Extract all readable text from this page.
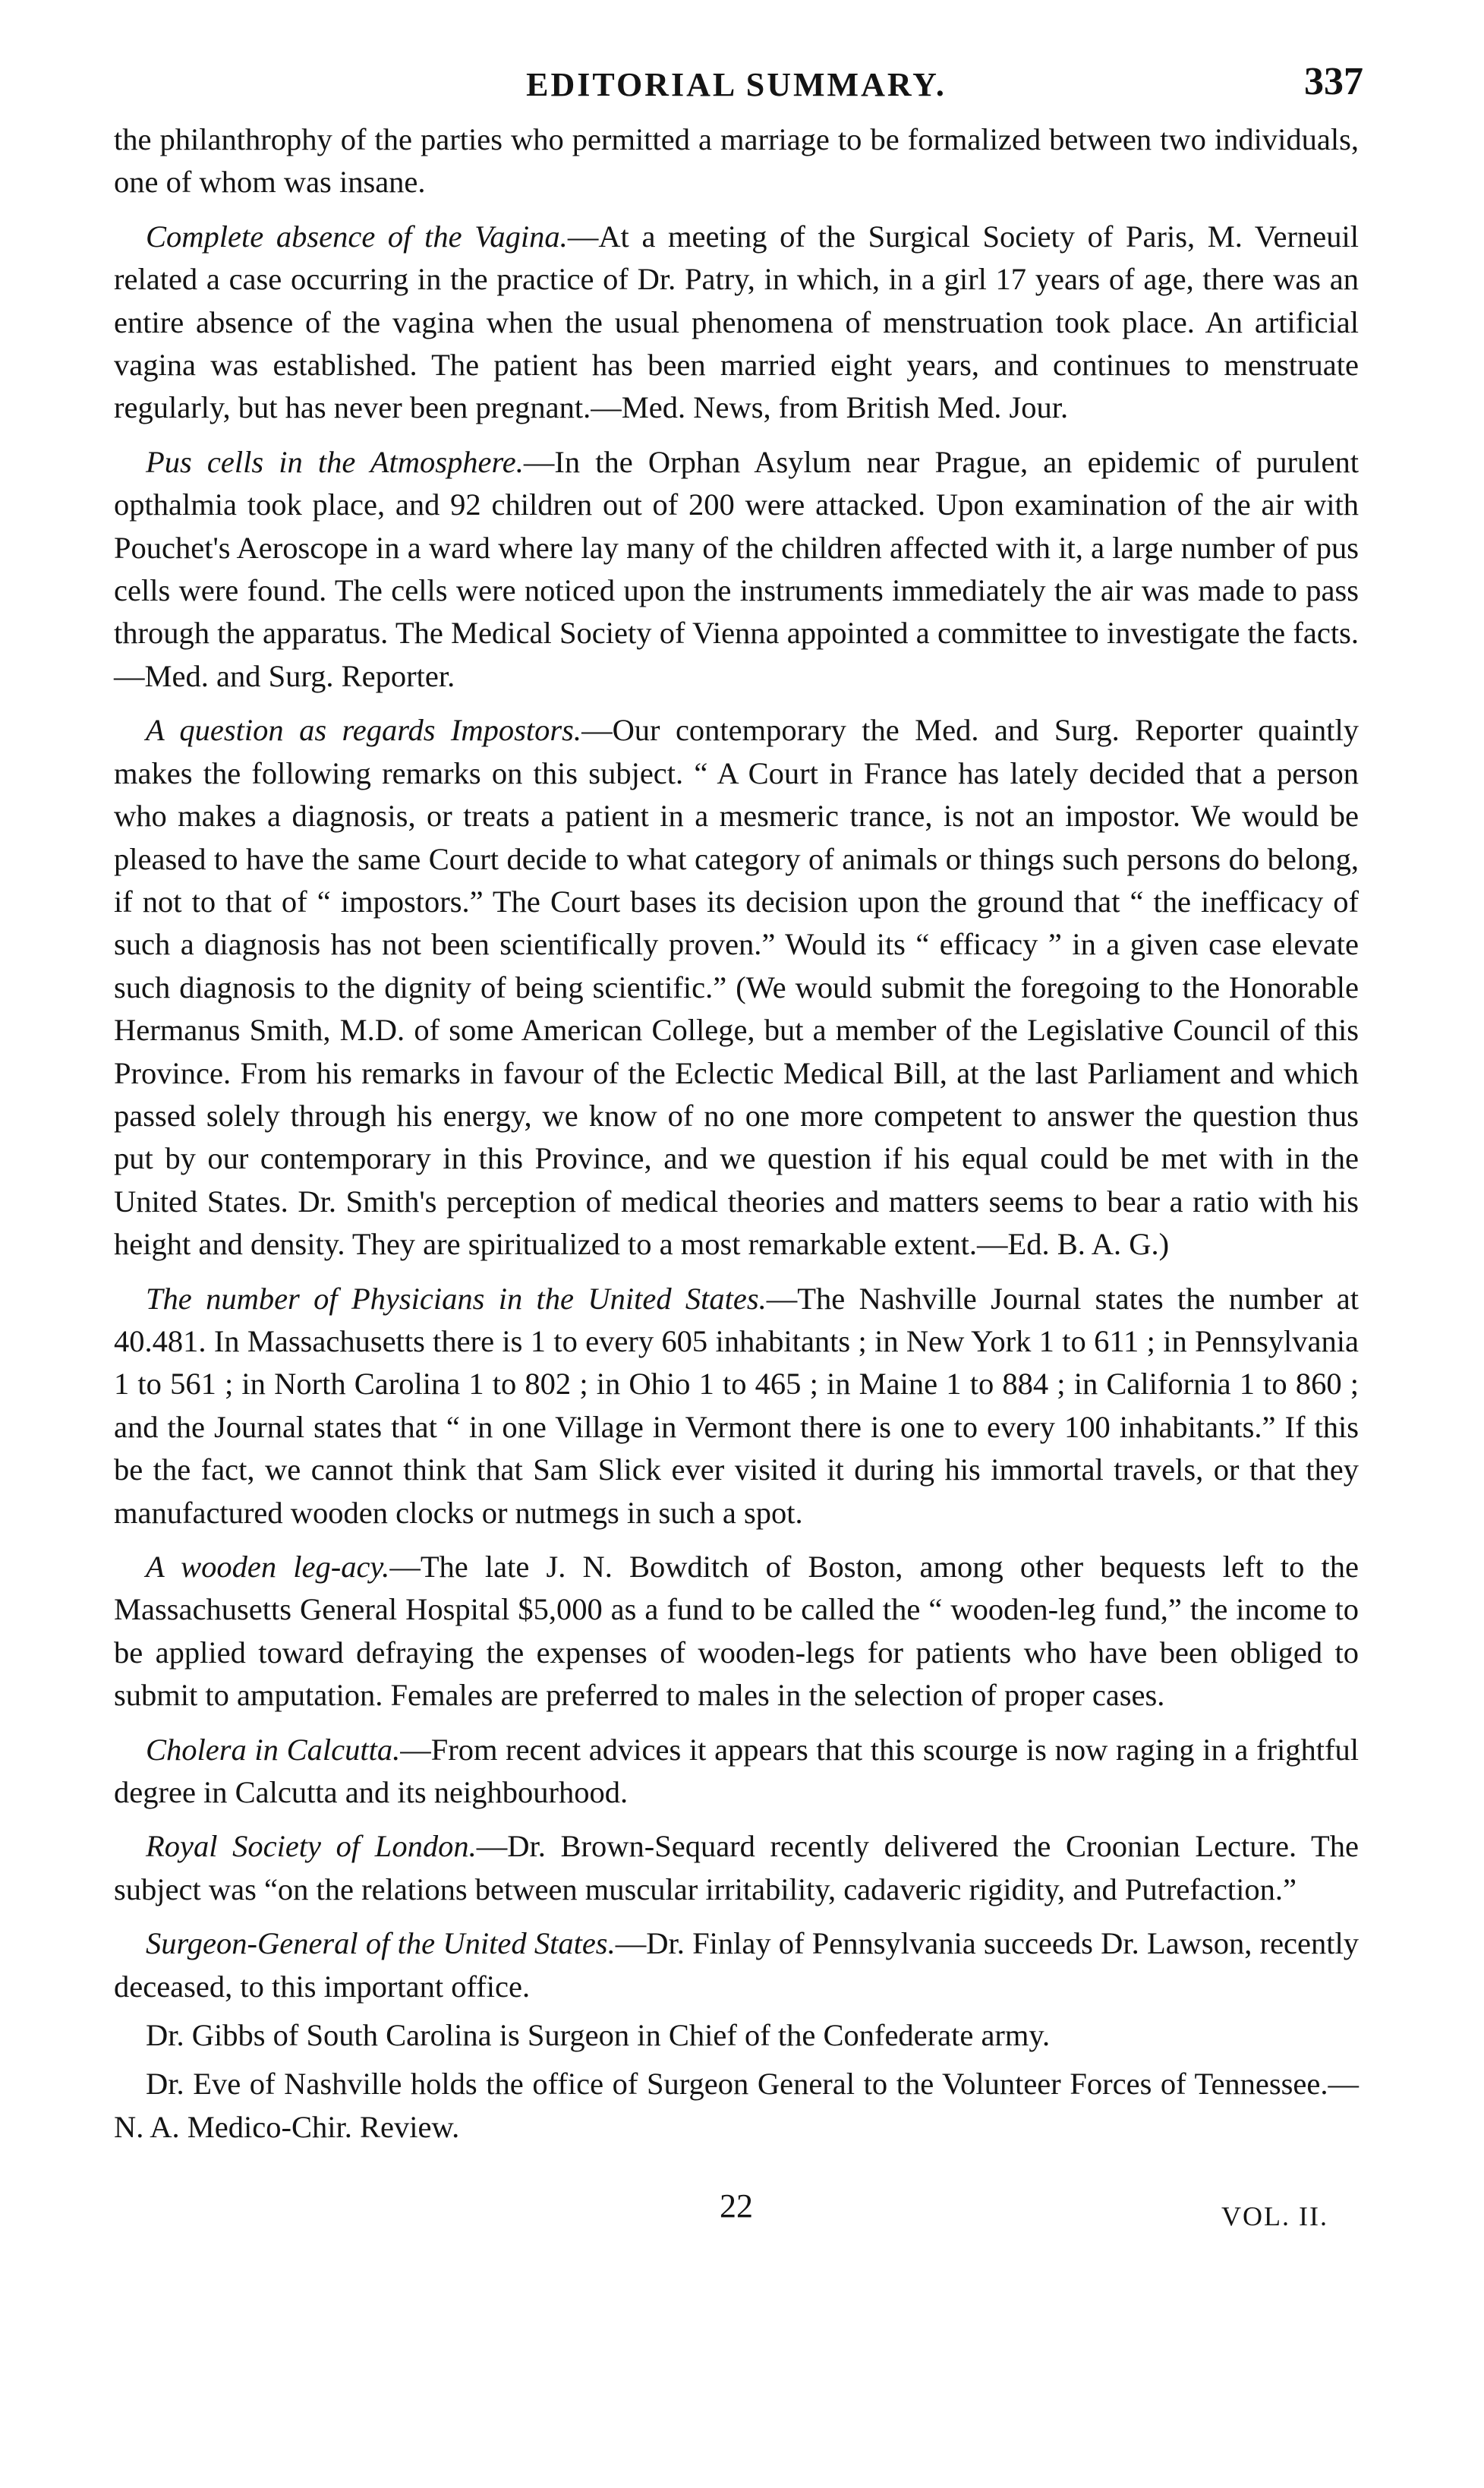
EDITORIAL SUMMARY.	337

the philanthrophy of the parties who permitted a marriage to be formalized between two individuals, one of whom was insane.

Complete absence of the Vagina.—At a meeting of the Surgical Society of Paris, M. Verneuil related a case occurring in the practice of Dr. Patry, in which, in a girl 17 years of age, there was an entire absence of the vagina when the usual phenomena of menstruation took place. An artificial vagina was established. The patient has been married eight years, and continues to menstruate regularly, but has never been pregnant.—Med. News, from British Med. Jour.

Pus cells in the Atmosphere.—In the Orphan Asylum near Prague, an epidemic of purulent opthalmia took place, and 92 children out of 200 were attacked. Upon examination of the air with Pouchet's Aeroscope in a ward where lay many of the children affected with it, a large number of pus cells were found. The cells were noticed upon the instruments immediately the air was made to pass through the apparatus. The Medical Society of Vienna appointed a committee to investigate the facts. —Med. and Surg. Reporter.

A question as regards Impostors.—Our contemporary the Med. and Surg. Reporter quaintly makes the following remarks on this subject. “ A Court in France has lately decided that a person who makes a diagnosis, or treats a patient in a mesmeric trance, is not an impostor. We would be pleased to have the same Court decide to what category of animals or things such persons do belong, if not to that of “ impostors.” The Court bases its decision upon the ground that “ the inefficacy of such a diagnosis has not been scientifically proven.” Would its “ efficacy ” in a given case elevate such diagnosis to the dignity of being scientific.” (We would submit the foregoing to the Honorable Hermanus Smith, M.D. of some American College, but a member of the Legislative Council of this Province. From his remarks in favour of the Eclectic Medical Bill, at the last Parliament and which passed solely through his energy, we know of no one more competent to answer the question thus put by our contemporary in this Province, and we question if his equal could be met with in the United States. Dr. Smith's perception of medical theories and matters seems to bear a ratio with his height and density. They are spiritualized to a most remarkable extent.—Ed. B. A. G.)

The number of Physicians in the United States.—The Nashville Journal states the number at 40.481. In Massachusetts there is 1 to every 605 inhabitants ; in New York 1 to 611 ; in Pennsylvania 1 to 561 ; in North Carolina 1 to 802 ; in Ohio 1 to 465 ; in Maine 1 to 884 ; in California 1 to 860 ; and the Journal states that “ in one Village in Vermont there is one to every 100 inhabitants.” If this be the fact, we cannot think that Sam Slick ever visited it during his immortal travels, or that they manufactured wooden clocks or nutmegs in such a spot.

A wooden leg-acy.—The late J. N. Bowditch of Boston, among other bequests left to the Massachusetts General Hospital $5,000 as a fund to be called the “ wooden-leg fund,” the income to be applied toward defraying the expenses of wooden-legs for patients who have been obliged to submit to amputation. Females are preferred to males in the selection of proper cases.

Cholera in Calcutta.—From recent advices it appears that this scourge is now raging in a frightful degree in Calcutta and its neighbourhood.

Royal Society of London.—Dr. Brown-Sequard recently delivered the Croonian Lecture. The subject was “on the relations between muscular irritability, cadaveric rigidity, and Putrefaction.”

Surgeon-General of the United States.—Dr. Finlay of Pennsylvania succeeds Dr. Lawson, recently deceased, to this important office.

Dr. Gibbs of South Carolina is Surgeon in Chief of the Confederate army.

Dr. Eve of Nashville holds the office of Surgeon General to the Volunteer Forces of Tennessee.—N. A. Medico-Chir. Review.

22	VOL. II.
